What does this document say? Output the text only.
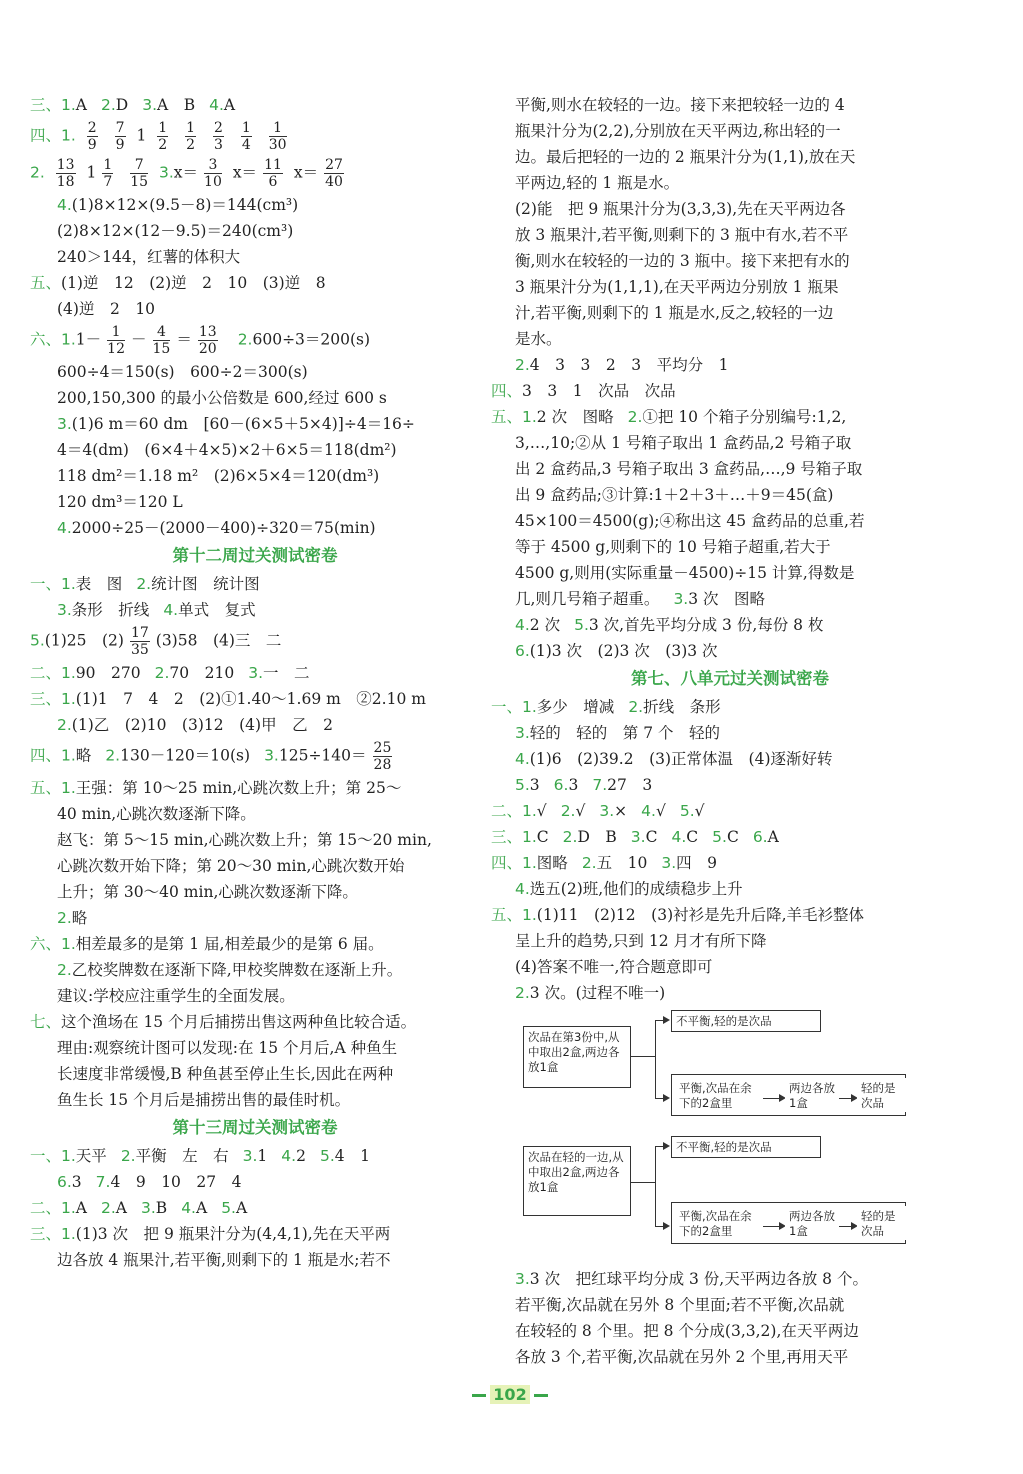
三、1.A 2.D 3.A　B 4.A
四、1. $\frac{2}{9}$
$\frac{7}{9} 1 \frac{1}{2}$
$\frac{1}{2}$
$\frac{2}{3}$
$\frac{1}{4}$
$\frac{1}{30}$
2. $\frac{13}{18} 1 \frac{1}{7}$
$\frac{7}{15} 3.x= \frac{3}{10} x= \frac{11}{6} x= \frac{27}{40}$
4.(1)8×12×(9.5－8)＝144(cm³)
(2)8×12×(12－9.5)＝240(cm³)
240＞144，红薯的体积大
五、(1)逆　12　(2)逆　2　10　(3)逆　8
(4)逆　2　10
六、$1.1- \frac{1}{12} - \frac{4}{15} = \frac{13}{20} 2.600\div 3=200(s)$
600÷4＝150(s)　600÷2＝300(s)
200,150,300 的最小公倍数是 600,经过 600 s
3.(1)6 m＝60 dm　[60－(6×5＋5×4)]÷4＝16÷
4＝4(dm)　(6×4＋4×5)×2＋6×5＝118(dm²)
118 dm²＝1.18 m²　(2)6×5×4＝120(dm³)
120 dm³＝120 L
4.2000÷25－(2000－400)÷320＝75(min)
第十二周过关测试密卷
一、1.表　图 2.统计图　统计图
3.条形　折线 4.单式　复式
5.(1)25　$(2) \frac{17}{35} (3)58$　(4)三　二
二、1.90　270 2.70　210 3.一　二
三、1.(1)1　7　4　2　(2)①1.40～1.69 m　②2.10 m
2.(1)乙　(2)10　(3)12　(4)甲　乙　2
四、1.略 2.130－120＝10(s) $3.125\div 140= \frac{25}{28}$
五、1.王强：第 10～25 min,心跳次数上升；第 25～
40 min,心跳次数逐渐下降。
赵飞：第 5～15 min,心跳次数上升；第 15～20 min,
心跳次数开始下降；第 20～30 min,心跳次数开始
上升；第 30～40 min,心跳次数逐渐下降。
2.略
六、1.相差最多的是第 1 届,相差最少的是第 6 届。
2.乙校奖牌数在逐渐下降,甲校奖牌数在逐渐上升。
建议:学校应注重学生的全面发展。
七、这个渔场在 15 个月后捕捞出售这两种鱼比较合适。
理由:观察统计图可以发现:在 15 个月后,A 种鱼生
长速度非常缓慢,B 种鱼甚至停止生长,因此在两种
鱼生长 15 个月后是捕捞出售的最佳时机。
第十三周过关测试密卷
一、1.天平 2.平衡　左　右 3.1 4.2 5.4　1
6.3 7.4　9　10　27　4
二、1.A 2.A 3.B 4.A 5.A
三、1.(1)3 次　把 9 瓶果汁分为(4,4,1),先在天平两
边各放 4 瓶果汁,若平衡,则剩下的 1 瓶是水;若不
平衡,则水在较轻的一边。接下来把较轻一边的 4
瓶果汁分为(2,2),分别放在天平两边,称出轻的一
边。最后把轻的一边的 2 瓶果汁分为(1,1),放在天
平两边,轻的 1 瓶是水。
(2)能　把 9 瓶果汁分为(3,3,3),先在天平两边各
放 3 瓶果汁,若平衡,则剩下的 3 瓶中有水,若不平
衡,则水在较轻的一边的 3 瓶中。接下来把有水的
3 瓶果汁分为(1,1,1),在天平两边分别放 1 瓶果
汁,若平衡,则剩下的 1 瓶是水,反之,较轻的一边
是水。
2.4　3　3　2　3　平均分　1
四、3　3　1　次品　次品
五、1.2 次　图略 2.①把 10 个箱子分别编号:1,2,
3,…,10;②从 1 号箱子取出 1 盒药品,2 号箱子取
出 2 盒药品,3 号箱子取出 3 盒药品,…,9 号箱子取
出 9 盒药品;③计算:1＋2＋3＋…＋9＝45(盒)
45×100＝4500(g);④称出这 45 盒药品的总重,若
等于 4500 g,则剩下的 10 号箱子超重,若大于
4500 g,则用(实际重量－4500)÷15 计算,得数是
几,则几号箱子超重。 3.3 次　图略
4.2 次 5.3 次,首先平均分成 3 份,每份 8 枚
6.(1)3 次　(2)3 次　(3)3 次
第七、八单元过关测试密卷
一、1.多少　增减 2.折线　条形
3.轻的　轻的　第 7 个　轻的
4.(1)6　(2)39.2　(3)正常体温　(4)逐渐好转
5.3 6.3 7.27　3
二、1.√ 2.√ 3.× 4.√ 5.√
三、1.C 2.D　B 3.C 4.C 5.C 6.A
四、1.图略 2.五　10 3.四　9
4.选五(2)班,他们的成绩稳步上升
五、1.(1)11　(2)12　(3)衬衫是先升后降,羊毛衫整体
呈上升的趋势,只到 12 月才有所下降
(4)答案不唯一,符合题意即可
2.3 次。(过程不唯一)
次品在第3份中,从中取出2盒,两边各放1盒
不平衡,轻的是次品
平衡,次品在余下的2盒里
两边各放1盒
轻的是次品
次品在轻的一边,从中取出2盒,两边各放1盒
不平衡,轻的是次品
平衡,次品在余下的2盒里
两边各放1盒
轻的是次品
3.3 次　把红球平均分成 3 份,天平两边各放 8 个。
若平衡,次品就在另外 8 个里面;若不平衡,次品就
在较轻的 8 个里。把 8 个分成(3,3,2),在天平两边
各放 3 个,若平衡,次品就在另外 2 个里,再用天平
102
